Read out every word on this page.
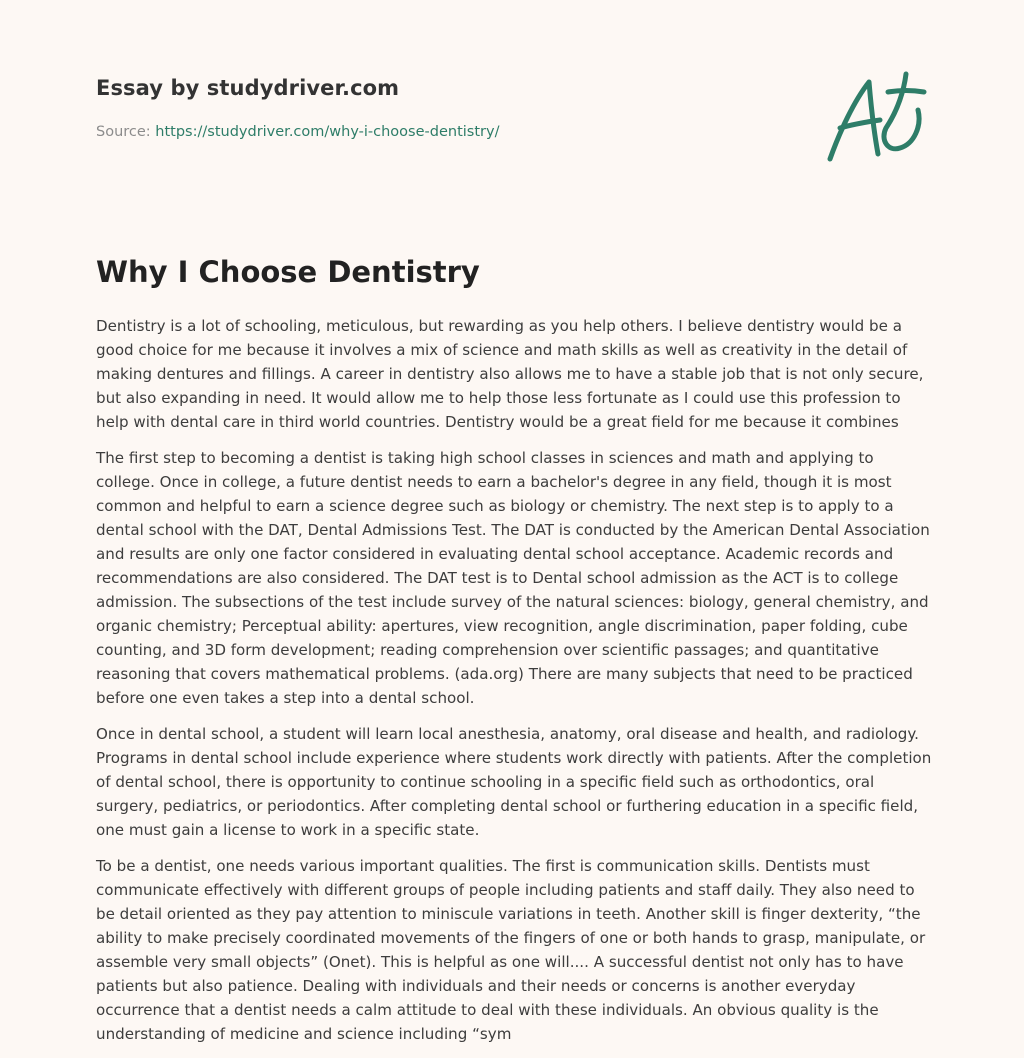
Essay by studydriver.com

Source: https://studydriver.com/why-i-choose-dentistry/

Why I Choose Dentistry

Dentistry is a lot of schooling, meticulous, but rewarding as you help others. I believe dentistry would be a good choice for me because it involves a mix of science and math skills as well as creativity in the detail of making dentures and fillings. A career in dentistry also allows me to have a stable job that is not only secure, but also expanding in need. It would allow me to help those less fortunate as I could use this profession to help with dental care in third world countries. Dentistry would be a great field for me because it combines

The first step to becoming a dentist is taking high school classes in sciences and math and applying to college. Once in college, a future dentist needs to earn a bachelor's degree in any field, though it is most common and helpful to earn a science degree such as biology or chemistry. The next step is to apply to a dental school with the DAT, Dental Admissions Test. The DAT is conducted by the American Dental Association and results are only one factor considered in evaluating dental school acceptance. Academic records and recommendations are also considered. The DAT test is to Dental school admission as the ACT is to college admission. The subsections of the test include survey of the natural sciences: biology, general chemistry, and organic chemistry; Perceptual ability: apertures, view recognition, angle discrimination, paper folding, cube counting, and 3D form development; reading comprehension over scientific passages; and quantitative reasoning that covers mathematical problems. (ada.org) There are many subjects that need to be practiced before one even takes a step into a dental school.

Once in dental school, a student will learn local anesthesia, anatomy, oral disease and health, and radiology. Programs in dental school include experience where students work directly with patients. After the completion of dental school, there is opportunity to continue schooling in a specific field such as orthodontics, oral surgery, pediatrics, or periodontics. After completing dental school or furthering education in a specific field, one must gain a license to work in a specific state.

To be a dentist, one needs various important qualities. The first is communication skills. Dentists must communicate effectively with different groups of people including patients and staff daily. They also need to be detail oriented as they pay attention to miniscule variations in teeth. Another skill is finger dexterity, “the ability to make precisely coordinated movements of the fingers of one or both hands to grasp, manipulate, or assemble very small objects” (Onet). This is helpful as one will.... A successful dentist not only has to have patients but also patience. Dealing with individuals and their needs or concerns is another everyday occurrence that a dentist needs a calm attitude to deal with these individuals. An obvious quality is the understanding of medicine and science including “sym
